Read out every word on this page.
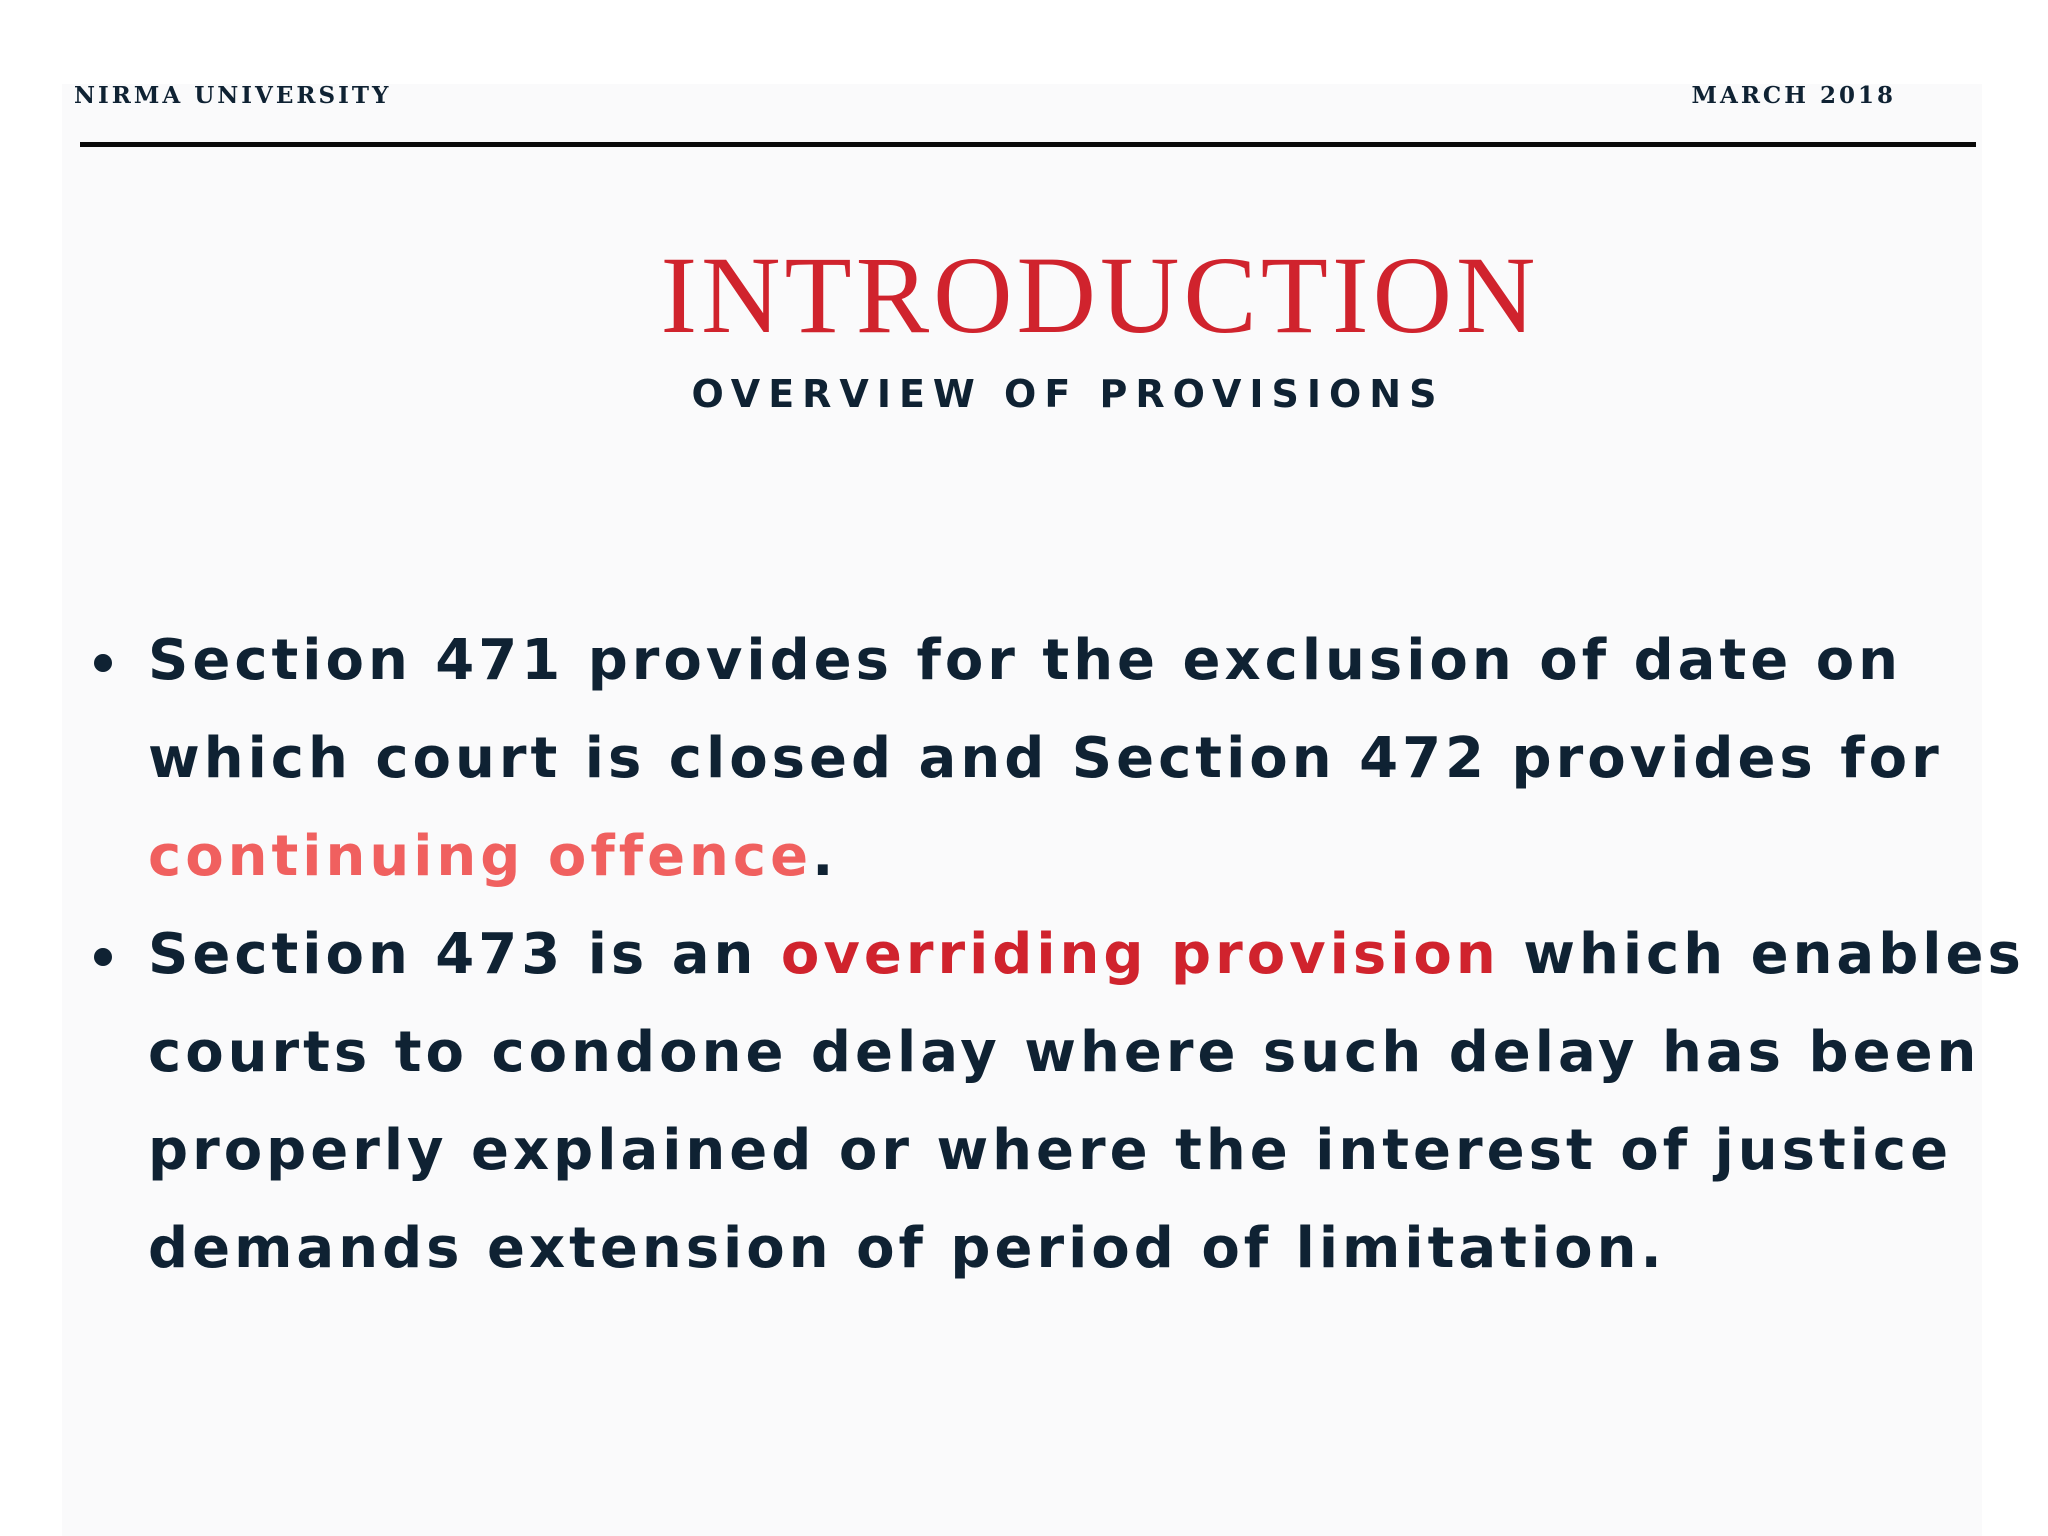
NIRMA UNIVERSITY	MARCH 2018
INTRODUCTION
OVERVIEW OF PROVISIONS
Section 471 provides for the exclusion of date on
which court is closed and Section 472 provides for
continuing offence.
Section 473 is an overriding provision which enables
courts to condone delay where such delay has been
properly explained or where the interest of justice
demands extension of period of limitation.
